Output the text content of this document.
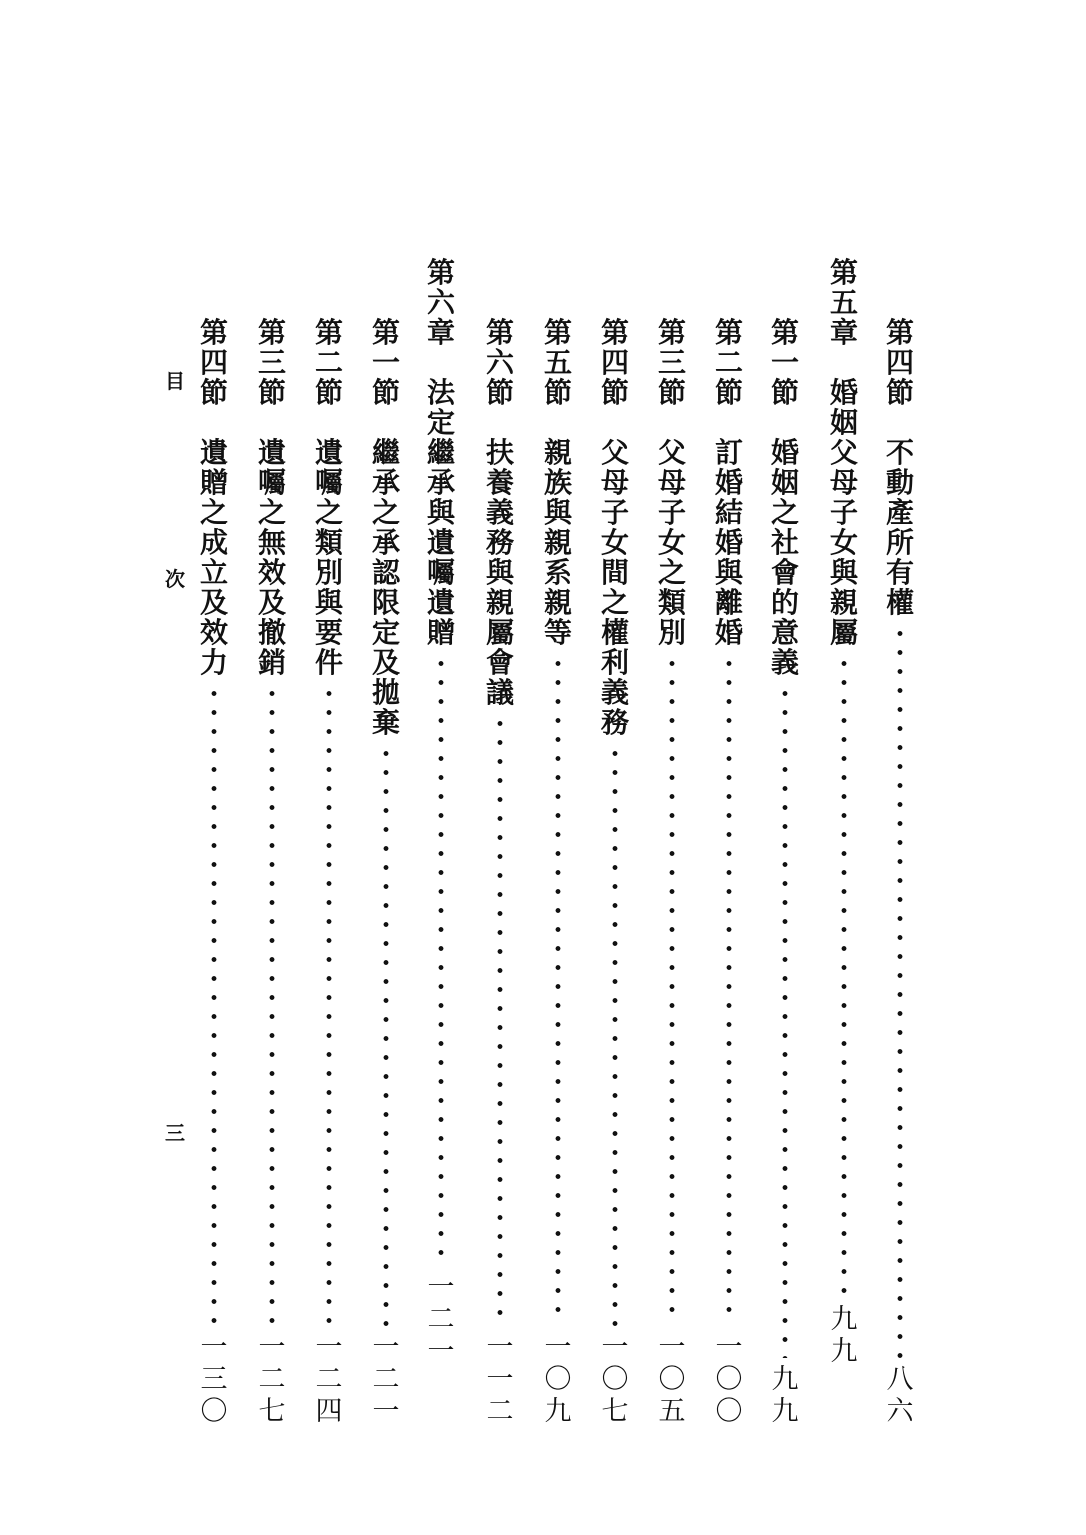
第
四
節
不
動
產
所
有
權
八
六
第
五
章
婚
姻
父
母
子
女
與
親
屬
九
九
第
一
節
婚
姻
之
社
會
的
意
義
九
九
第
二
節
訂
婚
結
婚
與
離
婚
一
〇
〇
第
三
節
父
母
子
女
之
類
別
一
〇
五
第
四
節
父
母
子
女
間
之
權
利
義
務
一
〇
七
第
五
節
親
族
與
親
系
親
等
一
〇
九
第
六
節
扶
養
義
務
與
親
屬
會
議
一
一
二
第
六
章
法
定
繼
承
與
遺
囑
遺
贈
一
二
一
第
一
節
繼
承
之
承
認
限
定
及
拋
棄
一
二
一
第
二
節
遺
囑
之
類
別
與
要
件
一
二
四
第
三
節
遺
囑
之
無
效
及
撤
銷
一
二
七
第
四
節
遺
贈
之
成
立
及
效
力
一
三
〇
目
次
三
